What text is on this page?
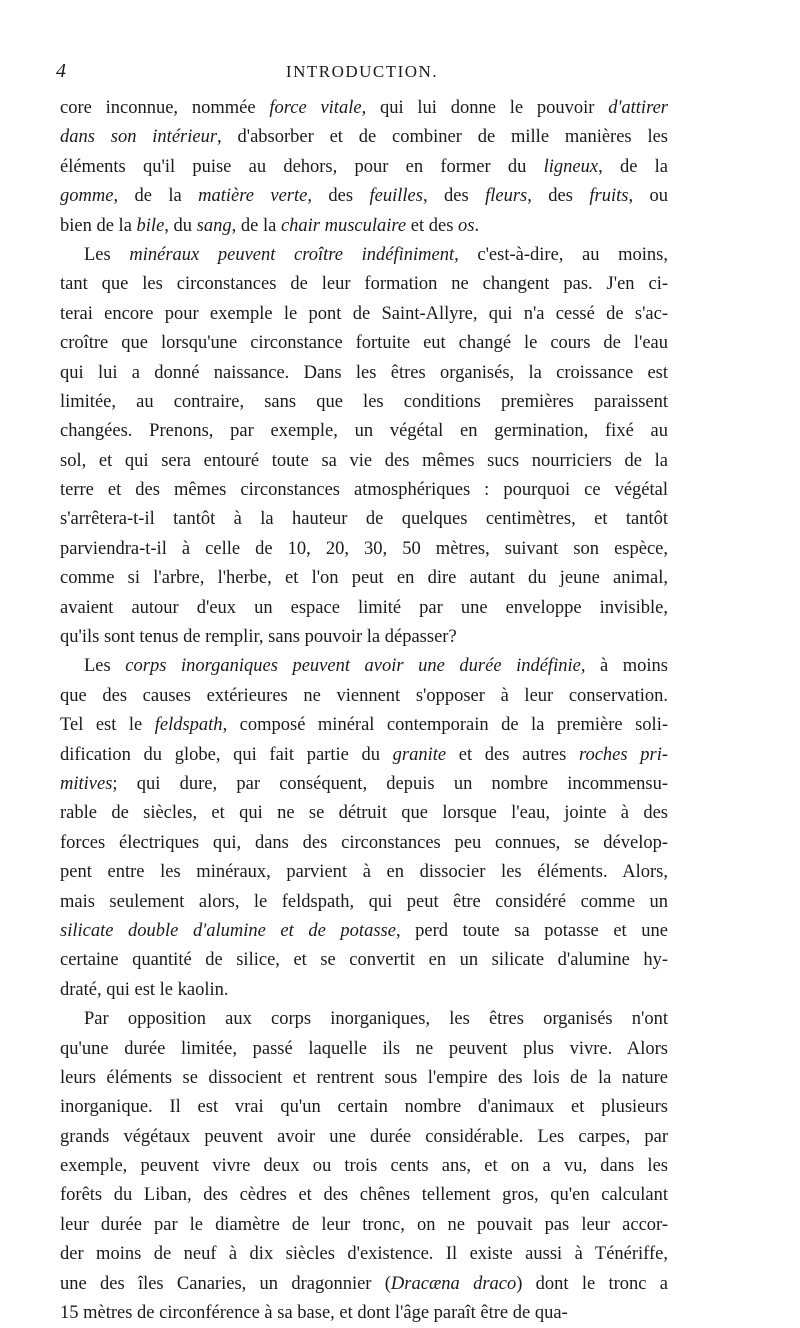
4	INTRODUCTION.
core inconnue, nommée force vitale, qui lui donne le pouvoir d'attirer
dans son intérieur, d'absorber et de combiner de mille manières les
éléments qu'il puise au dehors, pour en former du ligneux, de la
gomme, de la matière verte, des feuilles, des fleurs, des fruits, ou
bien de la bile, du sang, de la chair musculaire et des os.
Les minéraux peuvent croître indéfiniment, c'est-à-dire, au moins,
tant que les circonstances de leur formation ne changent pas. J'en ci-
terai encore pour exemple le pont de Saint-Allyre, qui n'a cessé de s'ac-
croître que lorsqu'une circonstance fortuite eut changé le cours de l'eau
qui lui a donné naissance. Dans les êtres organisés, la croissance est
limitée, au contraire, sans que les conditions premières paraissent
changées. Prenons, par exemple, un végétal en germination, fixé au
sol, et qui sera entouré toute sa vie des mêmes sucs nourriciers de la
terre et des mêmes circonstances atmosphériques : pourquoi ce végétal
s'arrêtera-t-il tantôt à la hauteur de quelques centimètres, et tantôt
parviendra-t-il à celle de 10, 20, 30, 50 mètres, suivant son espèce,
comme si l'arbre, l'herbe, et l'on peut en dire autant du jeune animal,
avaient autour d'eux un espace limité par une enveloppe invisible,
qu'ils sont tenus de remplir, sans pouvoir la dépasser?
Les corps inorganiques peuvent avoir une durée indéfinie, à moins
que des causes extérieures ne viennent s'opposer à leur conservation.
Tel est le feldspath, composé minéral contemporain de la première soli-
dification du globe, qui fait partie du granite et des autres roches pri-
mitives; qui dure, par conséquent, depuis un nombre incommensu-
rable de siècles, et qui ne se détruit que lorsque l'eau, jointe à des
forces électriques qui, dans des circonstances peu connues, se dévelop-
pent entre les minéraux, parvient à en dissocier les éléments. Alors,
mais seulement alors, le feldspath, qui peut être considéré comme un
silicate double d'alumine et de potasse, perd toute sa potasse et une
certaine quantité de silice, et se convertit en un silicate d'alumine hy-
draté, qui est le kaolin.
Par opposition aux corps inorganiques, les êtres organisés n'ont
qu'une durée limitée, passé laquelle ils ne peuvent plus vivre. Alors
leurs éléments se dissocient et rentrent sous l'empire des lois de la nature
inorganique. Il est vrai qu'un certain nombre d'animaux et plusieurs
grands végétaux peuvent avoir une durée considérable. Les carpes, par
exemple, peuvent vivre deux ou trois cents ans, et on a vu, dans les
forêts du Liban, des cèdres et des chênes tellement gros, qu'en calculant
leur durée par le diamètre de leur tronc, on ne pouvait pas leur accor-
der moins de neuf à dix siècles d'existence. Il existe aussi à Ténériffe,
une des îles Canaries, un dragonnier (Dracæna draco) dont le tronc a
15 mètres de circonférence à sa base, et dont l'âge paraît être de qua-
